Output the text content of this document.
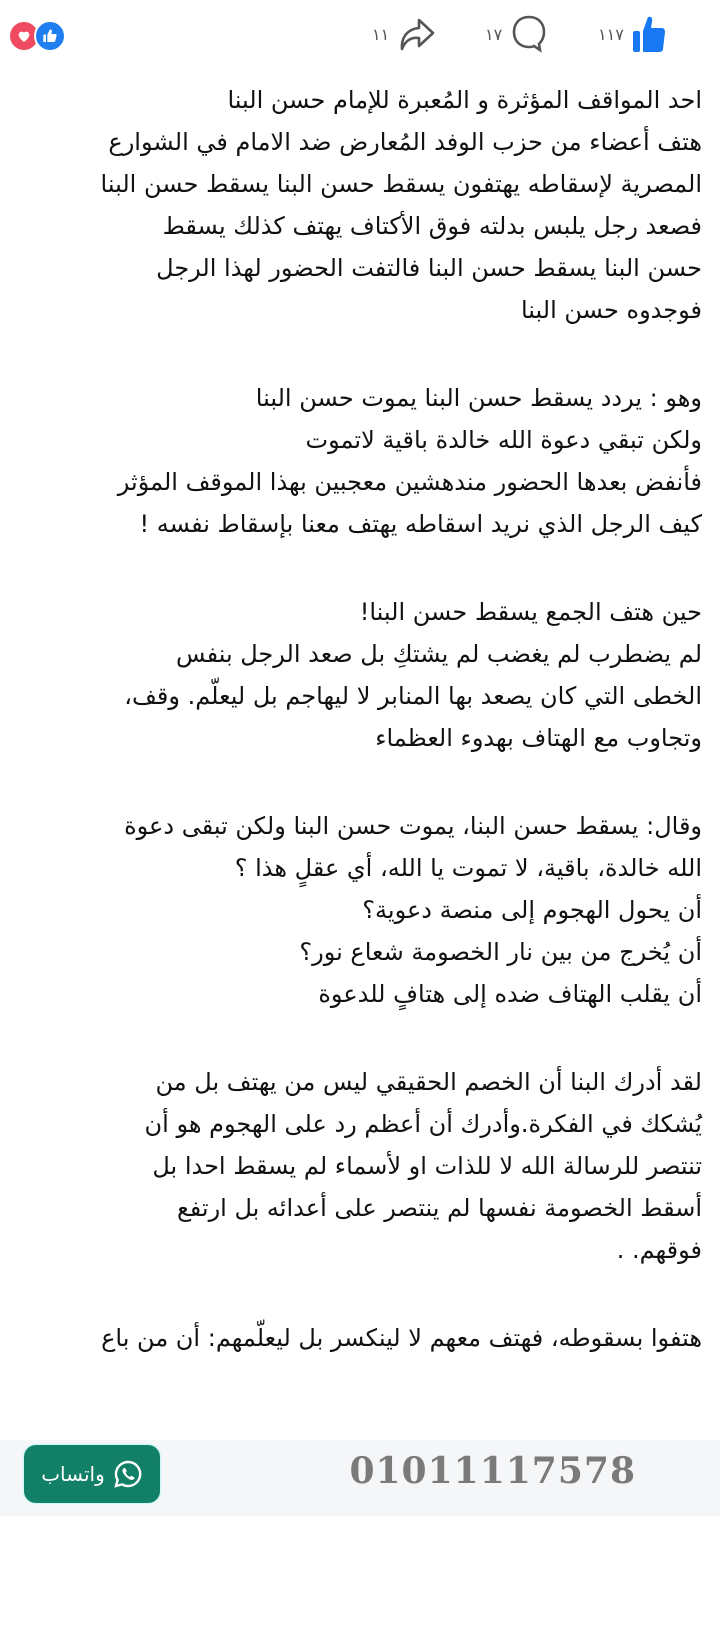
١١	١٧	١١٧
احد المواقف المؤثرة و المُعبرة للإمام حسن البنا
هتف أعضاء من حزب الوفد المُعارض ضد الامام في الشوارع
المصرية لإسقاطه يهتفون يسقط حسن البنا يسقط حسن البنا
فصعد رجل يلبس بدلته فوق الأكتاف يهتف كذلك يسقط
حسن البنا يسقط حسن البنا فالتفت الحضور لهذا الرجل
فوجدوه حسن البنا
وهو : يردد يسقط حسن البنا يموت حسن البنا
ولكن تبقي دعوة الله خالدة باقية لاتموت
فأنفض بعدها الحضور مندهشين معجبين بهذا الموقف المؤثر
كيف الرجل الذي نريد اسقاطه يهتف معنا بإسقاط نفسه !
حين هتف الجمع يسقط حسن البنا!
لم يضطرب لم يغضب لم يشتكِ بل صعد الرجل بنفس
الخطى التي كان يصعد بها المنابر لا ليهاجم بل ليعلّم. وقف،
وتجاوب مع الهتاف بهدوء العظماء
وقال: يسقط حسن البنا، يموت حسن البنا ولكن تبقى دعوة
الله خالدة، باقية، لا تموت يا الله، أي عقلٍ هذا ؟
أن يحول الهجوم إلى منصة دعوية؟
أن يُخرج من بين نار الخصومة شعاع نور؟
أن يقلب الهتاف ضده إلى هتافٍ للدعوة
لقد أدرك البنا أن الخصم الحقيقي ليس من يهتف بل من
يُشكك في الفكرة.وأدرك أن أعظم رد على الهجوم هو أن
تنتصر للرسالة الله لا للذات او لأسماء لم يسقط احدا بل
أسقط الخصومة نفسها لم ينتصر على أعدائه بل ارتفع
فوقهم. .
هتفوا بسقوطه، فهتف معهم لا لينكسر بل ليعلّمهم: أن من باع
واتساب	01011117578
